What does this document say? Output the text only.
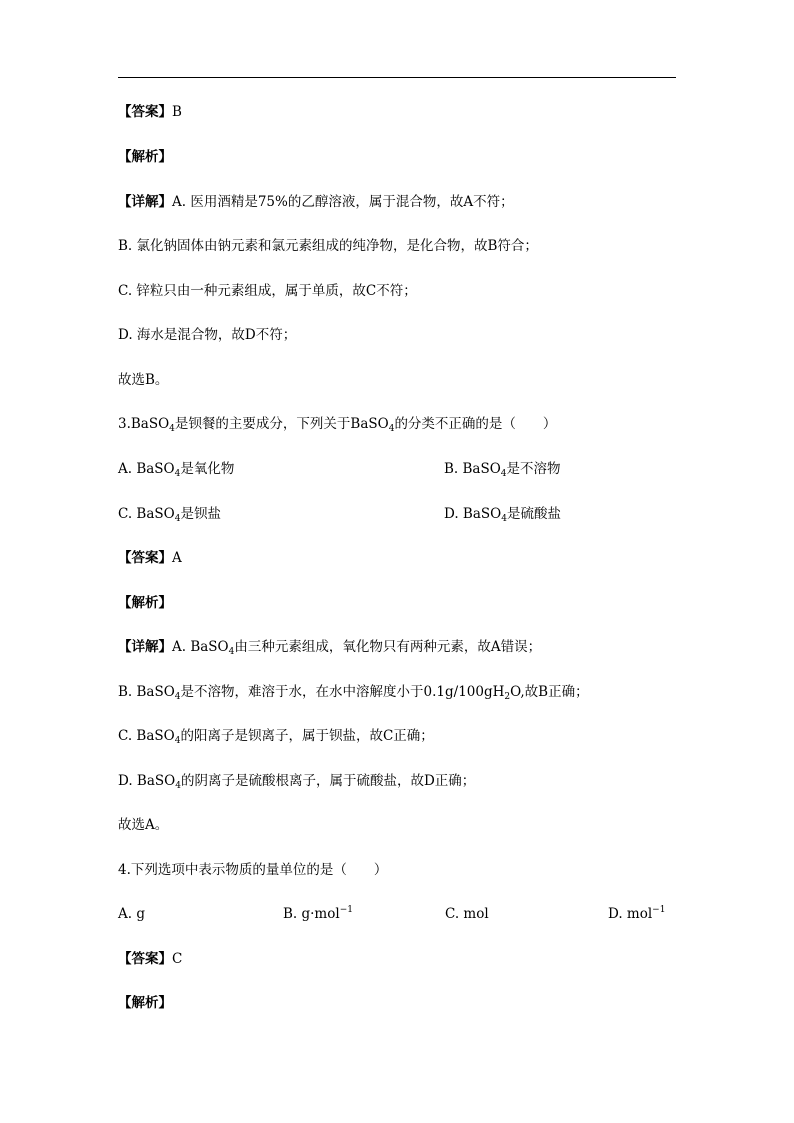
【答案】B
【解析】
【详解】A. 医用酒精是75%的乙醇溶液，属于混合物，故A不符；
B. 氯化钠固体由钠元素和氯元素组成的纯净物，是化合物，故B符合；
C. 锌粒只由一种元素组成，属于单质，故C不符；
D. 海水是混合物，故D不符；
故选B。
3.BaSO$_4$是钡餐的主要成分，下列关于BaSO$_4$的分类不正确的是（　　）
A. BaSO$_4$是氧化物	B. BaSO$_4$是不溶物
C. BaSO$_4$是钡盐	D. BaSO$_4$是硫酸盐
【答案】A
【解析】
【详解】A. BaSO$_4$由三种元素组成，氧化物只有两种元素，故A错误；
B. BaSO$_4$是不溶物，难溶于水，在水中溶解度小于$0.1g/100gH_2O$,故B正确；
C. BaSO$_4$的阳离子是钡离子，属于钡盐，故C正确；
D. BaSO$_4$的阴离子是硫酸根离子，属于硫酸盐，故D正确；
故选A。
4.下列选项中表示物质的量单位的是（　　）
A. g	B. g·mol$^{-1}$	C. mol	D. mol$^{-1}$
【答案】C
【解析】
